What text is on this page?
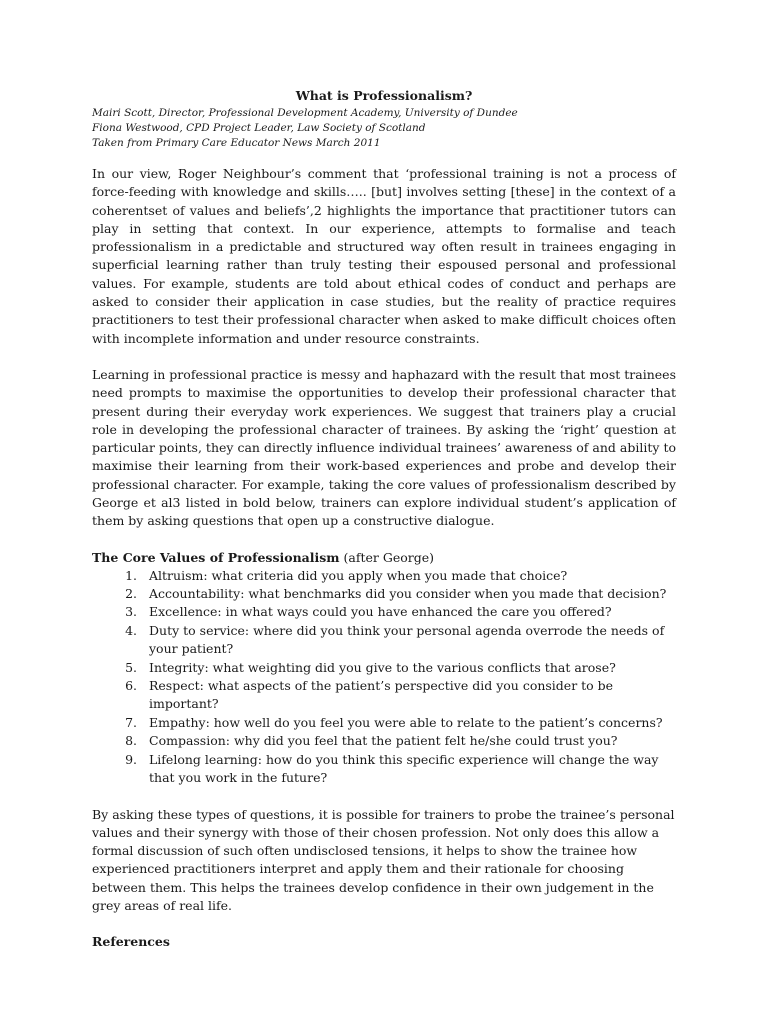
What is Professionalism?
Mairi Scott, Director, Professional Development Academy, University of Dundee
Fiona Westwood, CPD Project Leader, Law Society of Scotland
Taken from Primary Care Educator News March 2011

In our view, Roger Neighbour’s comment that ‘professional training is not a process of force-feeding with knowledge and skills….. [but] involves setting [these] in the context of a coherentset of values and beliefs’,2 highlights the importance that practitioner tutors can play in setting that context. In our experience, attempts to formalise and teach professionalism in a predictable and structured way often result in trainees engaging in superficial learning rather than truly testing their espoused personal and professional values. For example, students are told about ethical codes of conduct and perhaps are asked to consider their application in case studies, but the reality of practice requires practitioners to test their professional character when asked to make difficult choices often with incomplete information and under resource constraints.

Learning in professional practice is messy and haphazard with the result that most trainees need prompts to maximise the opportunities to develop their professional character that present during their everyday work experiences. We suggest that trainers play a crucial role in developing the professional character of trainees. By asking the ‘right’ question at particular points, they can directly influence individual trainees’ awareness of and ability to maximise their learning from their work-based experiences and probe and develop their professional character. For example, taking the core values of professionalism described by George et al3 listed in bold below, trainers can explore individual student’s application of them by asking questions that open up a constructive dialogue.

The Core Values of Professionalism (after George)

1. Altruism: what criteria did you apply when you made that choice?
2. Accountability: what benchmarks did you consider when you made that decision?
3. Excellence: in what ways could you have enhanced the care you offered?
4. Duty to service: where did you think your personal agenda overrode the needs of your patient?
5. Integrity: what weighting did you give to the various conflicts that arose?
6. Respect: what aspects of the patient’s perspective did you consider to be important?
7. Empathy: how well do you feel you were able to relate to the patient’s concerns?
8. Compassion: why did you feel that the patient felt he/she could trust you?
9. Lifelong learning: how do you think this specific experience will change the way that you work in the future?

By asking these types of questions, it is possible for trainers to probe the trainee’s personal values and their synergy with those of their chosen profession. Not only does this allow a formal discussion of such often undisclosed tensions, it helps to show the trainee how experienced practitioners interpret and apply them and their rationale for choosing between them. This helps the trainees develop confidence in their own judgement in the grey areas of real life.

References
